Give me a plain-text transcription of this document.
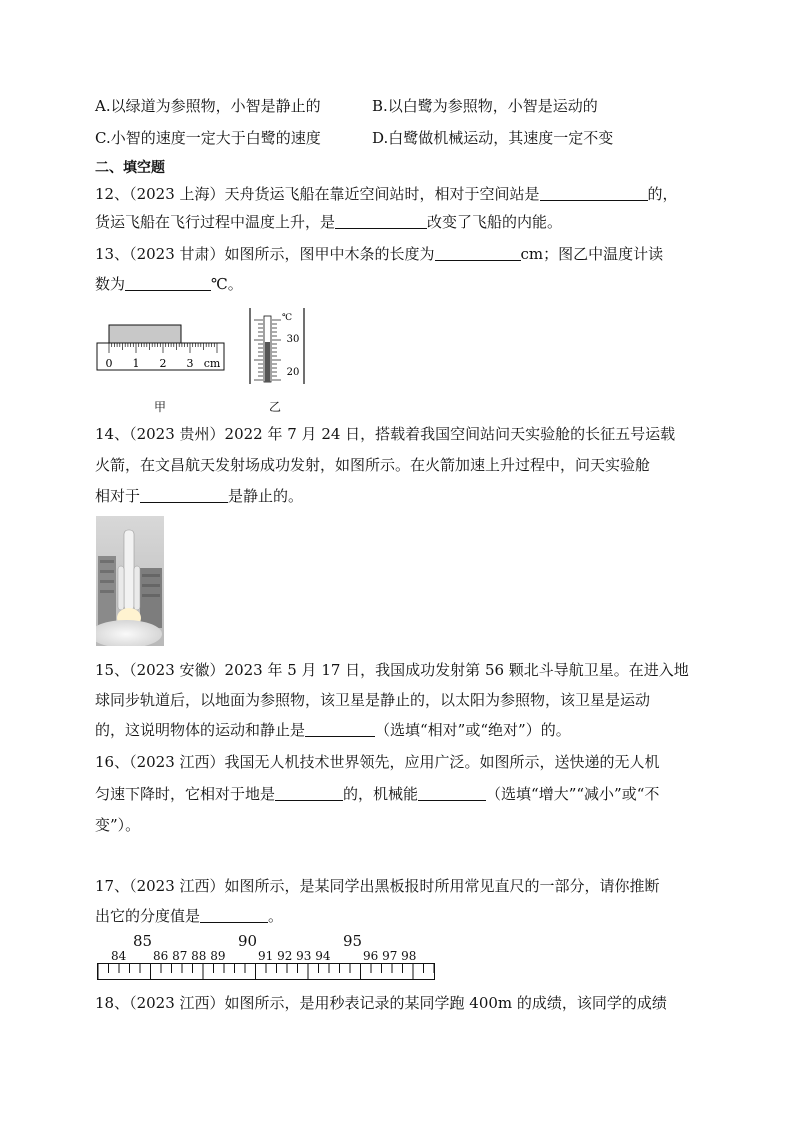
A.以绿道为参照物，小智是静止的	B.以白鹭为参照物，小智是运动的
C.小智的速度一定大于白鹭的速度	D.白鹭做机械运动，其速度一定不变
二、填空题
12、（2023 上海）天舟货运飞船在靠近空间站时，相对于空间站是	的，
货运飞船在飞行过程中温度上升，是	改变了飞船的内能。
13、（2023 甘肃）如图所示，图甲中木条的长度为	cm；图乙中温度计读
数为	℃。
0 1 2 3 cm
℃
30
20
甲	乙
14、（2023 贵州）2022 年 7 月 24 日，搭载着我国空间站问天实验舱的长征五号运载
火箭，在文昌航天发射场成功发射，如图所示。在火箭加速上升过程中，问天实验舱
相对于	是静止的。
15、（2023 安徽）2023 年 5 月 17 日，我国成功发射第 56 颗北斗导航卫星。在进入地
球同步轨道后，以地面为参照物，该卫星是静止的，以太阳为参照物，该卫星是运动
的，这说明物体的运动和静止是	（选填“相对”或“绝对”）的。
16、（2023 江西）我国无人机技术世界领先，应用广泛。如图所示，送快递的无人机
匀速下降时，它相对于地是	的，机械能	（选填“增大”“减小”或“不
变”）。
17、（2023 江西）如图所示，是某同学出黑板报时所用常见直尺的一部分，请你推断
出它的分度值是	。
85	90	95
84 86 87 88 89	91 92 93 94	96 97 98
18、（2023 江西）如图所示，是用秒表记录的某同学跑 400m 的成绩，该同学的成绩
